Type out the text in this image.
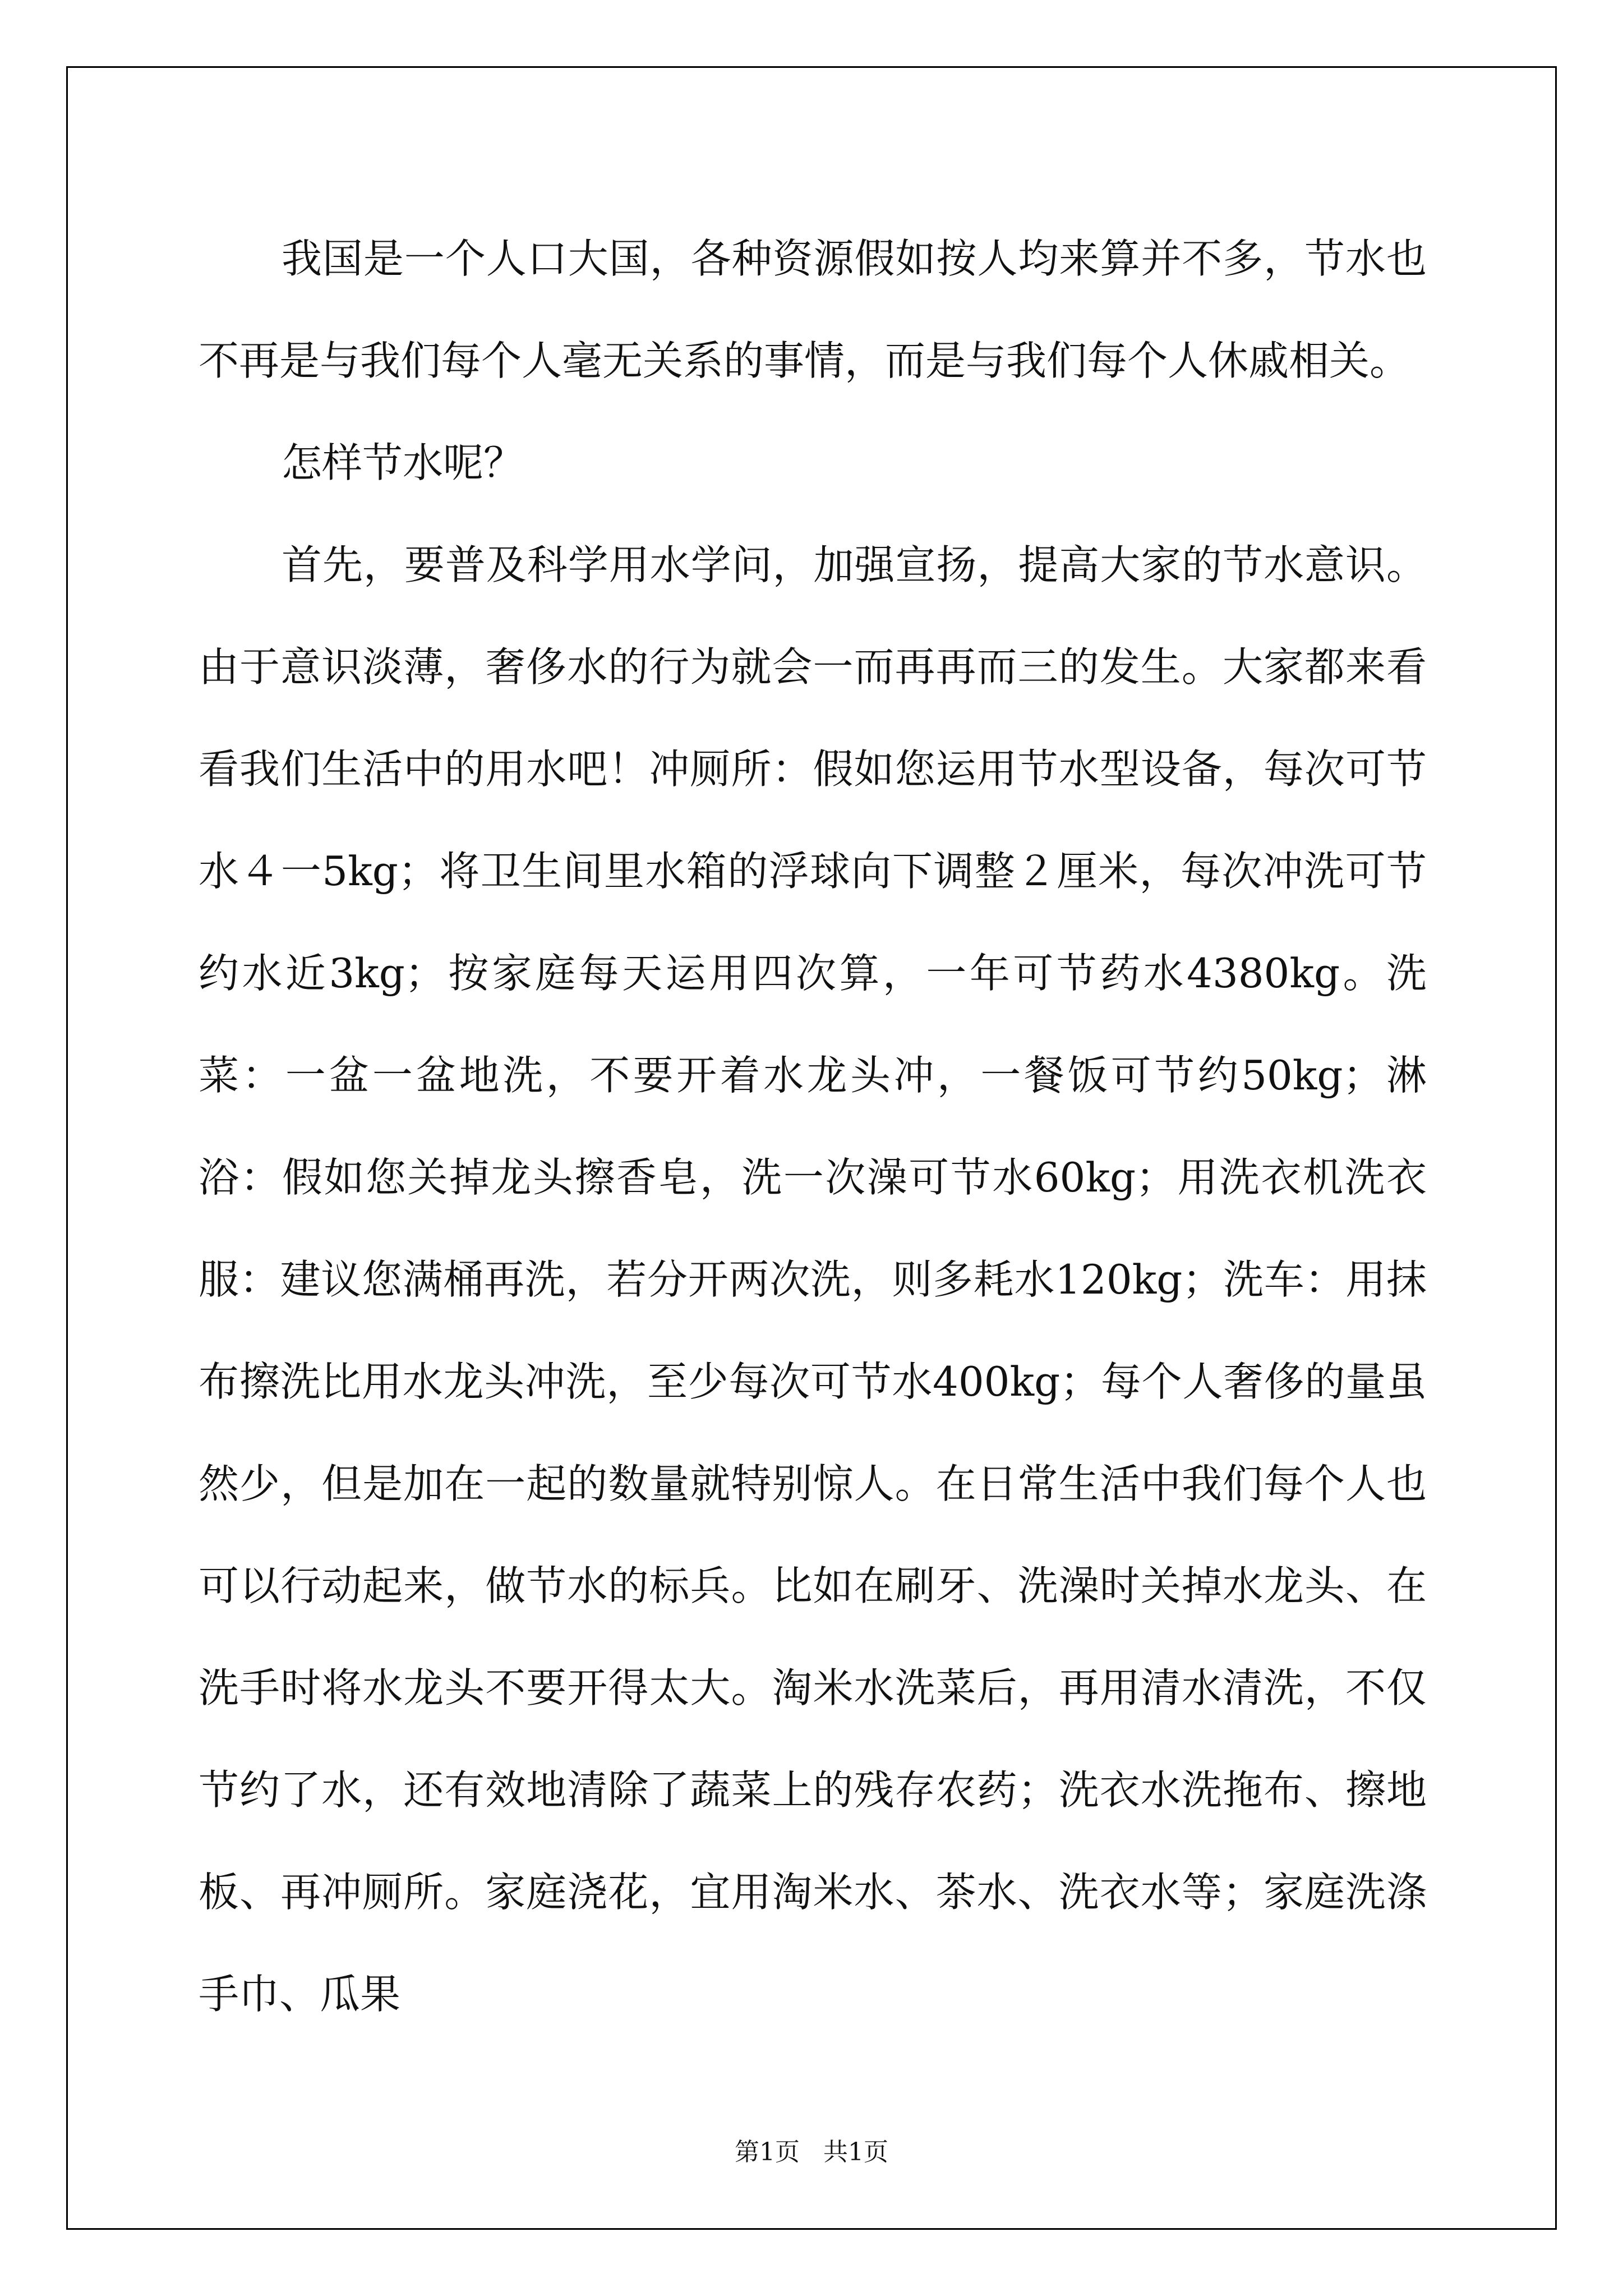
我国是一个人口大国，各种资源假如按人均来算并不多，节水也不再是与我们每个人毫无关系的事情，而是与我们每个人休戚相关。

怎样节水呢？

首先，要普及科学用水学问，加强宣扬，提高大家的节水意识。由于意识淡薄，奢侈水的行为就会一而再再而三的发生。大家都来看看我们生活中的用水吧！冲厕所：假如您运用节水型设备，每次可节水４一5kg；将卫生间里水箱的浮球向下调整２厘米，每次冲洗可节约水近3kg；按家庭每天运用四次算，一年可节药水4380kg。洗菜：一盆一盆地洗，不要开着水龙头冲，一餐饭可节约50kg；淋浴：假如您关掉龙头擦香皂，洗一次澡可节水60kg；用洗衣机洗衣服：建议您满桶再洗，若分开两次洗，则多耗水120kg；洗车：用抹布擦洗比用水龙头冲洗，至少每次可节水400kg；每个人奢侈的量虽然少，但是加在一起的数量就特别惊人。在日常生活中我们每个人也可以行动起来，做节水的标兵。比如在刷牙、洗澡时关掉水龙头、在洗手时将水龙头不要开得太大。淘米水洗菜后，再用清水清洗，不仅节约了水，还有效地清除了蔬菜上的残存农药；洗衣水洗拖布、擦地板、再冲厕所。家庭浇花，宜用淘米水、茶水、洗衣水等；家庭洗涤手巾、瓜果

第1页   共1页
